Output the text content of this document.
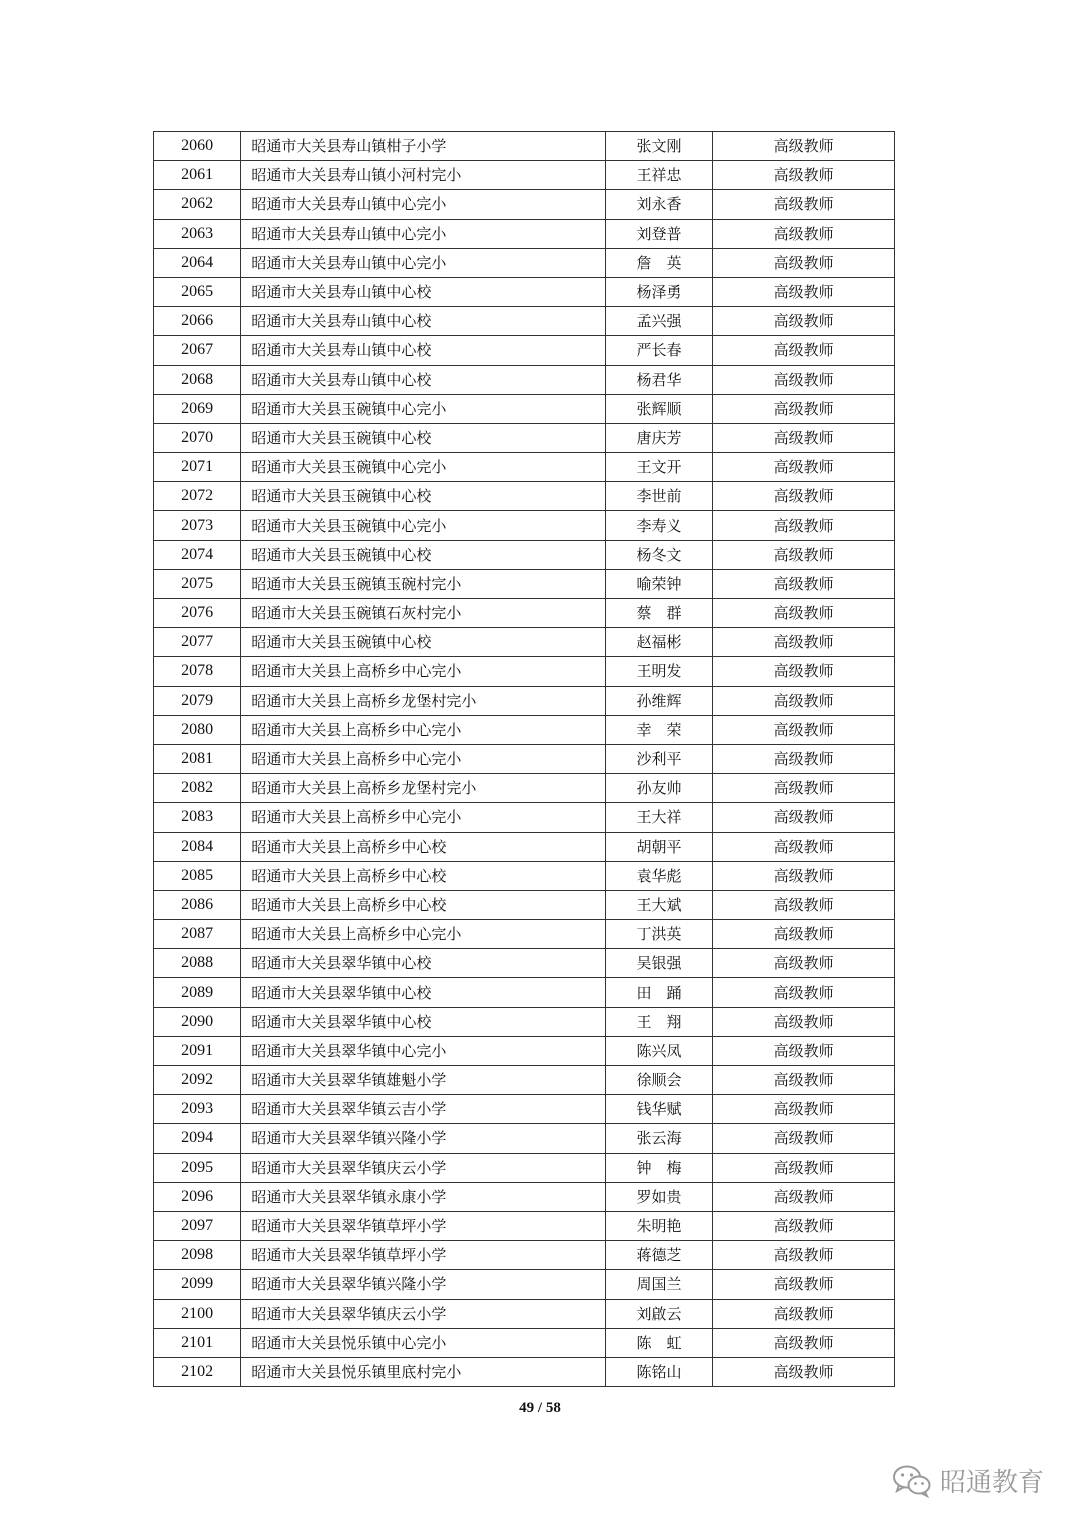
2060	昭通市大关县寿山镇柑子小学	张文刚	高级教师
2061	昭通市大关县寿山镇小河村完小	王祥忠	高级教师
2062	昭通市大关县寿山镇中心完小	刘永香	高级教师
2063	昭通市大关县寿山镇中心完小	刘登普	高级教师
2064	昭通市大关县寿山镇中心完小	詹　英	高级教师
2065	昭通市大关县寿山镇中心校	杨泽勇	高级教师
2066	昭通市大关县寿山镇中心校	孟兴强	高级教师
2067	昭通市大关县寿山镇中心校	严长春	高级教师
2068	昭通市大关县寿山镇中心校	杨君华	高级教师
2069	昭通市大关县玉碗镇中心完小	张辉顺	高级教师
2070	昭通市大关县玉碗镇中心校	唐庆芳	高级教师
2071	昭通市大关县玉碗镇中心完小	王文开	高级教师
2072	昭通市大关县玉碗镇中心校	李世前	高级教师
2073	昭通市大关县玉碗镇中心完小	李寿义	高级教师
2074	昭通市大关县玉碗镇中心校	杨冬文	高级教师
2075	昭通市大关县玉碗镇玉碗村完小	喻荣钟	高级教师
2076	昭通市大关县玉碗镇石灰村完小	蔡　群	高级教师
2077	昭通市大关县玉碗镇中心校	赵福彬	高级教师
2078	昭通市大关县上高桥乡中心完小	王明发	高级教师
2079	昭通市大关县上高桥乡龙堡村完小	孙维辉	高级教师
2080	昭通市大关县上高桥乡中心完小	幸　荣	高级教师
2081	昭通市大关县上高桥乡中心完小	沙利平	高级教师
2082	昭通市大关县上高桥乡龙堡村完小	孙友帅	高级教师
2083	昭通市大关县上高桥乡中心完小	王大祥	高级教师
2084	昭通市大关县上高桥乡中心校	胡朝平	高级教师
2085	昭通市大关县上高桥乡中心校	袁华彪	高级教师
2086	昭通市大关县上高桥乡中心校	王大斌	高级教师
2087	昭通市大关县上高桥乡中心完小	丁洪英	高级教师
2088	昭通市大关县翠华镇中心校	吴银强	高级教师
2089	昭通市大关县翠华镇中心校	田　踊	高级教师
2090	昭通市大关县翠华镇中心校	王　翔	高级教师
2091	昭通市大关县翠华镇中心完小	陈兴凤	高级教师
2092	昭通市大关县翠华镇雄魁小学	徐顺会	高级教师
2093	昭通市大关县翠华镇云吉小学	钱华赋	高级教师
2094	昭通市大关县翠华镇兴隆小学	张云海	高级教师
2095	昭通市大关县翠华镇庆云小学	钟　梅	高级教师
2096	昭通市大关县翠华镇永康小学	罗如贵	高级教师
2097	昭通市大关县翠华镇草坪小学	朱明艳	高级教师
2098	昭通市大关县翠华镇草坪小学	蒋德芝	高级教师
2099	昭通市大关县翠华镇兴隆小学	周国兰	高级教师
2100	昭通市大关县翠华镇庆云小学	刘啟云	高级教师
2101	昭通市大关县悦乐镇中心完小	陈　虹	高级教师
2102	昭通市大关县悦乐镇里底村完小	陈铭山	高级教师
49 / 58
昭通教育
